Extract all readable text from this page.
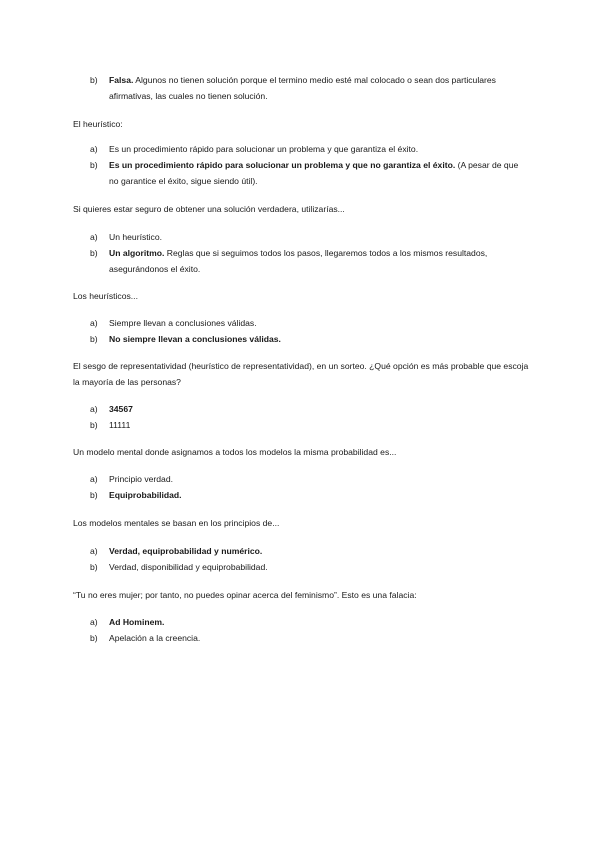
b)	Falsa. Algunos no tienen solución porque el termino medio esté mal colocado o sean dos particulares afirmativas, las cuales no tienen solución.
El heurístico:
a)	Es un procedimiento rápido para solucionar un problema y que garantiza el éxito.
b)	Es un procedimiento rápido para solucionar un problema y que no garantiza el éxito. (A pesar de que no garantice el éxito, sigue siendo útil).
Si quieres estar seguro de obtener una solución verdadera, utilizarías...
a)	Un heurístico.
b)	Un algoritmo. Reglas que si seguimos todos los pasos, llegaremos todos a los mismos resultados, asegurándonos el éxito.
Los heurísticos...
a)	Siempre llevan a conclusiones válidas.
b)	No siempre llevan a conclusiones válidas.
El sesgo de representatividad (heurístico de representatividad), en un sorteo. ¿Qué opción es más probable que escoja la mayoría de las personas?
a)	34567
b)	11111
Un modelo mental donde asignamos a todos los modelos la misma probabilidad es...
a)	Principio verdad.
b)	Equiprobabilidad.
Los modelos mentales se basan en los principios de...
a)	Verdad, equiprobabilidad y numérico.
b)	Verdad, disponibilidad y equiprobabilidad.
“Tu no eres mujer; por tanto, no puedes opinar acerca del feminismo”. Esto es una falacia:
a)	Ad Hominem.
b)	Apelación a la creencia.
